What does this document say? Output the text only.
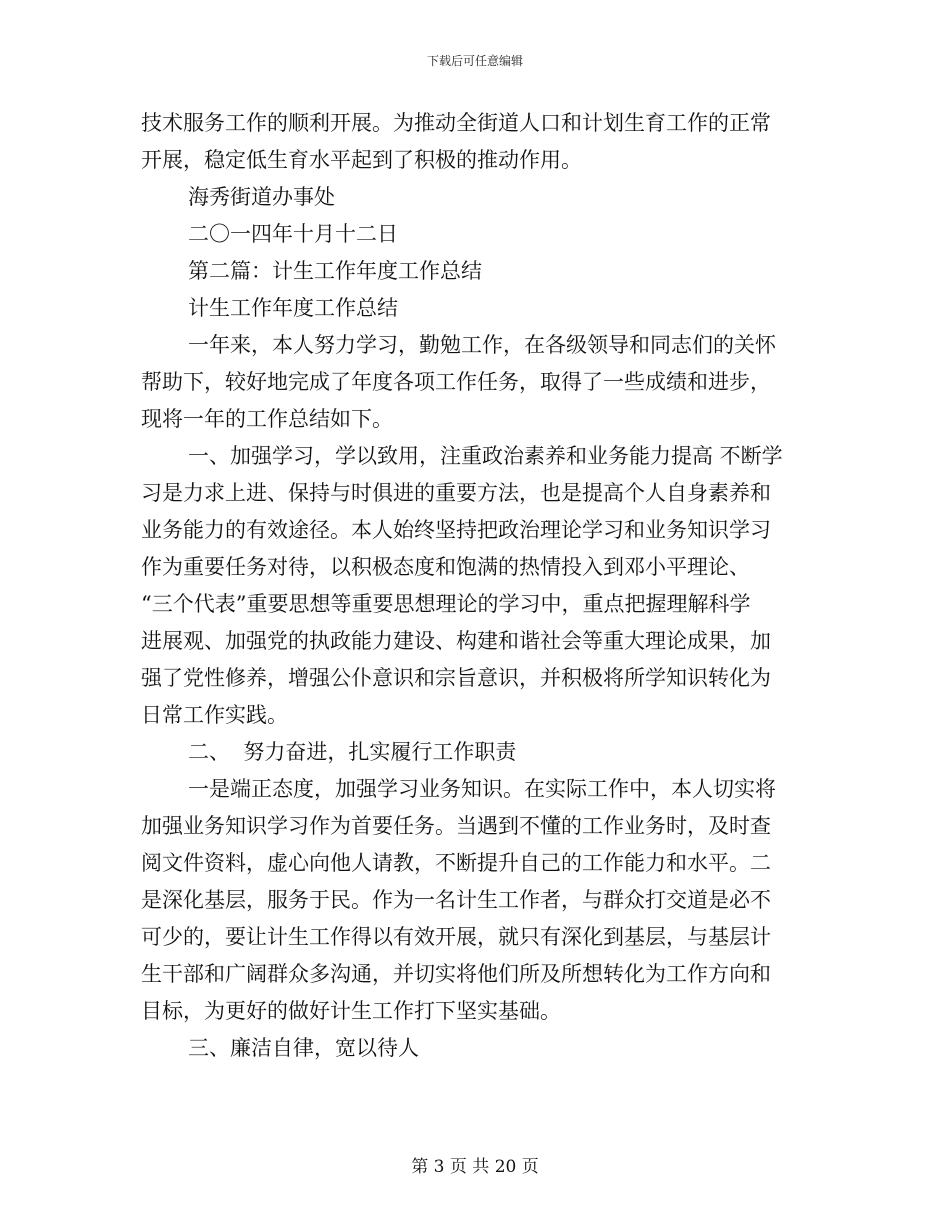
下载后可任意编辑
技术服务工作的顺利开展。为推动全街道人口和计划生育工作的正常
开展，稳定低生育水平起到了积极的推动作用。
海秀街道办事处
二〇一四年十月十二日
第二篇：计生工作年度工作总结
计生工作年度工作总结
一年来，本人努力学习，勤勉工作，在各级领导和同志们的关怀
帮助下，较好地完成了年度各项工作任务，取得了一些成绩和进步，
现将一年的工作总结如下。
一、加强学习，学以致用，注重政治素养和业务能力提高 不断学
习是力求上进、保持与时俱进的重要方法，也是提高个人自身素养和
业务能力的有效途径。本人始终坚持把政治理论学习和业务知识学习
作为重要任务对待，以积极态度和饱满的热情投入到邓小平理论、
“三个代表”重要思想等重要思想理论的学习中，重点把握理解科学
进展观、加强党的执政能力建设、构建和谐社会等重大理论成果，加
强了党性修养，增强公仆意识和宗旨意识，并积极将所学知识转化为
日常工作实践。
二、  努力奋进，扎实履行工作职责
一是端正态度，加强学习业务知识。在实际工作中，本人切实将
加强业务知识学习作为首要任务。当遇到不懂的工作业务时，及时查
阅文件资料，虚心向他人请教，不断提升自己的工作能力和水平。二
是深化基层，服务于民。作为一名计生工作者，与群众打交道是必不
可少的，要让计生工作得以有效开展，就只有深化到基层，与基层计
生干部和广阔群众多沟通，并切实将他们所及所想转化为工作方向和
目标，为更好的做好计生工作打下坚实基础。
三、廉洁自律，宽以待人
第 3 页 共 20 页
